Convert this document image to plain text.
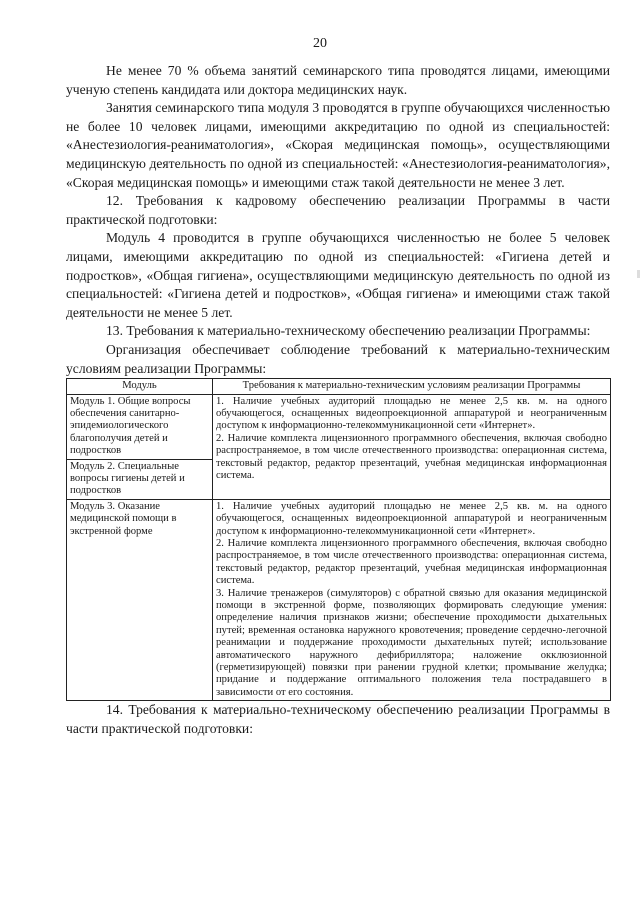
20

Не менее 70 % объема занятий семинарского типа проводятся лицами, имеющими ученую степень кандидата или доктора медицинских наук.

Занятия семинарского типа модуля 3 проводятся в группе обучающихся численностью не более 10 человек лицами, имеющими аккредитацию по одной из специальностей: «Анестезиология-реаниматология», «Скорая медицинская помощь», осуществляющими медицинскую деятельность по одной из специальностей: «Анестезиология-реаниматология», «Скорая медицинская помощь» и имеющими стаж такой деятельности не менее 3 лет.

12. Требования к кадровому обеспечению реализации Программы в части практической подготовки:

Модуль 4 проводится в группе обучающихся численностью не более 5 человек лицами, имеющими аккредитацию по одной из специальностей: «Гигиена детей и подростков», «Общая гигиена», осуществляющими медицинскую деятельность по одной из специальностей: «Гигиена детей и подростков», «Общая гигиена» и имеющими стаж такой деятельности не менее 5 лет.

13. Требования к материально-техническому обеспечению реализации Программы:

Организация обеспечивает соблюдение требований к материально-техническим условиям реализации Программы:

Модуль	Требования к материально-техническим условиям реализации Программы
Модуль 1. Общие вопросы обеспечения санитарно-эпидемиологического благополучия детей и подростков	1. Наличие учебных аудиторий площадью не менее 2,5 кв. м. на одного обучающегося, оснащенных видеопроекционной аппаратурой и неограниченным доступом к информационно-телекоммуникационной сети «Интернет».
2. Наличие комплекта лицензионного программного обеспечения, включая свободно распространяемое, в том числе отечественного производства: операционная система, текстовый редактор, редактор презентаций, учебная медицинская информационная система.

Модуль 2. Специальные вопросы гигиены детей и подростков	
Модуль 3. Оказание медицинской помощи в экстренной форме	1. Наличие учебных аудиторий площадью не менее 2,5 кв. м. на одного обучающегося, оснащенных видеопроекционной аппаратурой и неограниченным доступом к информационно-телекоммуникационной сети «Интернет».
2. Наличие комплекта лицензионного программного обеспечения, включая свободно распространяемое, в том числе отечественного производства: операционная система, текстовый редактор, редактор презентаций, учебная медицинская информационная система.
3. Наличие тренажеров (симуляторов) с обратной связью для оказания медицинской помощи в экстренной форме, позволяющих формировать следующие умения: определение наличия признаков жизни; обеспечение проходимости дыхательных путей; временная остановка наружного кровотечения; проведение сердечно-легочной реанимации и поддержание проходимости дыхательных путей; использование автоматического наружного дефибриллятора; наложение окклюзионной (герметизирующей) повязки при ранении грудной клетки; промывание желудка; придание и поддержание оптимального положения тела пострадавшего в зависимости от его состояния.

14. Требования к материально-техническому обеспечению реализации Программы в части практической подготовки:
